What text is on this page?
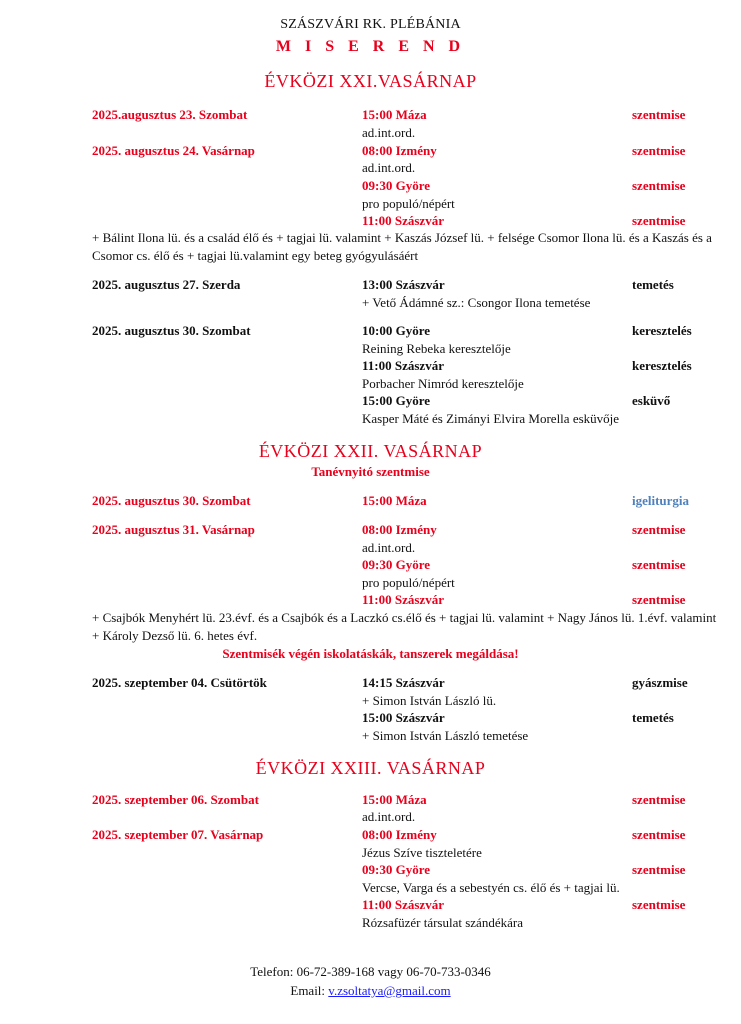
SZÁSZVÁRI RK. PLÉBÁNIA
M I S E R E N D
ÉVKÖZI XXI.VASÁRNAP
2025.augusztus 23. Szombat	15:00 Máza	szentmise
ad.int.ord.
2025. augusztus 24. Vasárnap	08:00 Izmény	szentmise
ad.int.ord.
09:30 Györe	szentmise
pro populó/népért
11:00 Szászvár	szentmise
+ Bálint Ilona lü. és a család élő és + tagjai lü. valamint + Kaszás József lü. + felsége Csomor Ilona lü. és a Kaszás és a Csomor cs. élő és + tagjai lü.valamint egy beteg gyógyulásáért
2025. augusztus 27. Szerda	13:00 Szászvár	temetés
+ Vető Ádámné sz.: Csongor Ilona temetése
2025. augusztus 30. Szombat	10:00 Györe	keresztelés
Reining Rebeka keresztelője
11:00 Szászvár	keresztelés
Porbacher Nimród keresztelője
15:00 Györe	esküvő
Kasper Máté és Zimányi Elvira Morella esküvője
ÉVKÖZI XXII. VASÁRNAP
Tanévnyitó szentmise
2025. augusztus 30. Szombat	15:00 Máza	igeliturgia
2025. augusztus 31. Vasárnap	08:00 Izmény	szentmise
ad.int.ord.
09:30 Györe	szentmise
pro populó/népért
11:00 Szászvár	szentmise
+ Csajbók Menyhért lü. 23.évf. és a Csajbók és a Laczkó cs.élő és + tagjai lü. valamint + Nagy János lü. 1.évf. valamint + Károly Dezső lü. 6. hetes évf.
Szentmisék végén iskolatáskák, tanszerek megáldása!
2025. szeptember 04. Csütörtök	14:15 Szászvár	gyászmise
+ Simon István László lü.
15:00 Szászvár	temetés
+ Simon István László temetése
ÉVKÖZI XXIII. VASÁRNAP
2025. szeptember 06. Szombat	15:00 Máza	szentmise
ad.int.ord.
2025. szeptember 07. Vasárnap	08:00 Izmény	szentmise
Jézus Szíve tiszteletére
09:30 Györe	szentmise
Vercse, Varga és a sebestyén cs. élő és + tagjai lü.
11:00 Szászvár	szentmise
Rózsafüzér társulat szándékára
Telefon: 06-72-389-168 vagy 06-70-733-0346
Email: v.zsoltatya@gmail.com
